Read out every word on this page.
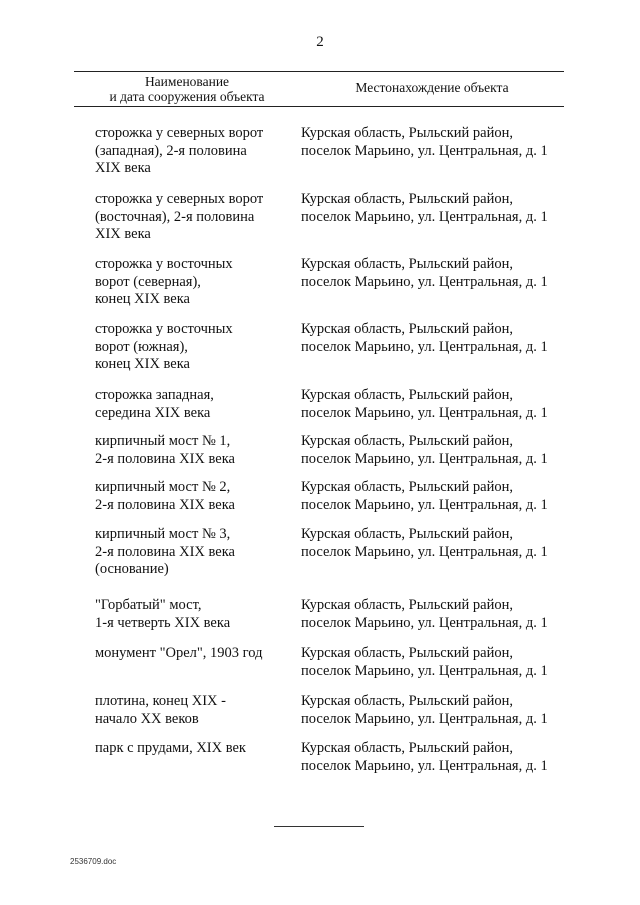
2
Наименование
и дата сооружения объекта
Местонахождение объекта
сторожка у северных ворот
(западная), 2-я половина
XIX века
Курская область, Рыльский район,
поселок Марьино, ул. Центральная, д. 1
сторожка у северных ворот
(восточная), 2-я половина
XIX века
Курская область, Рыльский район,
поселок Марьино, ул. Центральная, д. 1
сторожка у восточных
ворот (северная),
конец XIX века
Курская область, Рыльский район,
поселок Марьино, ул. Центральная, д. 1
сторожка у восточных
ворот (южная),
конец XIX века
Курская область, Рыльский район,
поселок Марьино, ул. Центральная, д. 1
сторожка западная,
середина XIX века
Курская область, Рыльский район,
поселок Марьино, ул. Центральная, д. 1
кирпичный мост № 1,
2-я половина XIX века
Курская область, Рыльский район,
поселок Марьино, ул. Центральная, д. 1
кирпичный мост № 2,
2-я половина XIX века
Курская область, Рыльский район,
поселок Марьино, ул. Центральная, д. 1
кирпичный мост № 3,
2-я половина XIX века
(основание)
Курская область, Рыльский район,
поселок Марьино, ул. Центральная, д. 1
"Горбатый" мост,
1-я четверть XIX века
Курская область, Рыльский район,
поселок Марьино, ул. Центральная, д. 1
монумент "Орел", 1903 год	Курская область, Рыльский район,
поселок Марьино, ул. Центральная, д. 1
плотина, конец XIX -
начало XX веков
Курская область, Рыльский район,
поселок Марьино, ул. Центральная, д. 1
парк с прудами, XIX век	Курская область, Рыльский район,
поселок Марьино, ул. Центральная, д. 1
2536709.doc
